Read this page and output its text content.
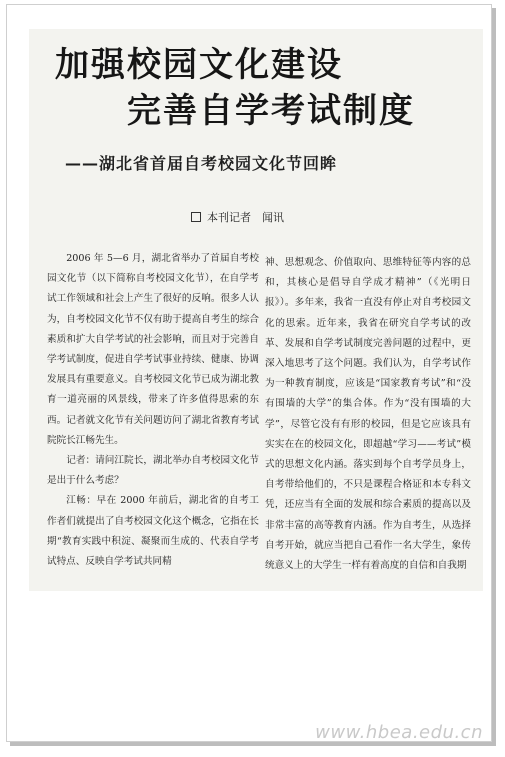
加强校园文化建设
完善自学考试制度
——湖北省首届自考校园文化节回眸
本刊记者　闻讯

2006 年 5—6 月，湖北省举办了首届自考校园文化节（以下简称自考校园文化节），在自学考试工作领域和社会上产生了很好的反响。很多人认为，自考校园文化节不仅有助于提高自考生的综合素质和扩大自学考试的社会影响，而且对于完善自学考试制度，促进自学考试事业持续、健康、协调发展具有重要意义。自考校园文化节已成为湖北教育一道亮丽的风景线，带来了许多值得思索的东西。记者就文化节有关问题访问了湖北省教育考试院院长江畅先生。

记者：请问江院长，湖北举办自考校园文化节是出于什么考虑？

江畅：早在 2000 年前后，湖北省的自考工作者们就提出了自考校园文化这个概念，它指在长期“教育实践中积淀、凝聚而生成的、代表自学考试特点、反映自学考试共同精

神、思想观念、价值取向、思维特征等内容的总和，其核心是倡导自学成才精神”（《光明日报》）。多年来，我省一直没有停止对自考校园文化的思索。近年来，我省在研究自学考试的改革、发展和自学考试制度完善问题的过程中，更深入地思考了这个问题。我们认为，自学考试作为一种教育制度，应该是“国家教育考试”和“没有围墙的大学”的集合体。作为“没有围墙的大学”，尽管它没有有形的校园，但是它应该具有实实在在的校园文化，即超越“学习——考试”模式的思想文化内涵。落实到每个自考学员身上，自考带给他们的，不只是课程合格证和本专科文凭，还应当有全面的发展和综合素质的提高以及非常丰富的高等教育内涵。作为自考生，从选择自考开始，就应当把自己看作一名大学生，象传统意义上的大学生一样有着高度的自信和自我期

www.hbea.edu.cn
